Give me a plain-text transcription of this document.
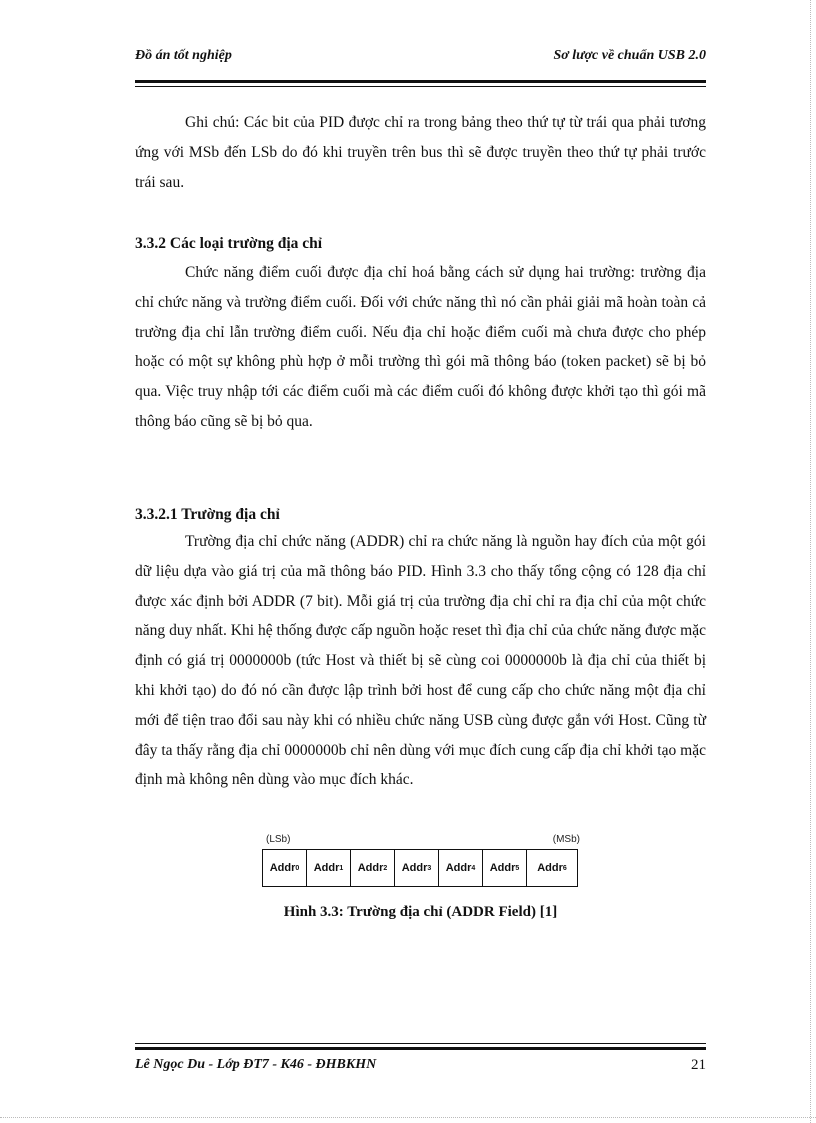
Đồ án tốt nghiệp	Sơ lược về chuẩn USB 2.0

Ghi chú: Các bit của PID được chỉ ra trong bảng theo thứ tự từ trái qua phải tương ứng với MSb đến LSb do đó khi truyền trên bus thì sẽ được truyền theo thứ tự phải trước trái sau.

3.3.2 Các loại trường địa chỉ

Chức năng điểm cuối được địa chỉ hoá bằng cách sử dụng hai trường: trường địa chỉ chức năng và trường điểm cuối. Đối với chức năng thì nó cần phải giải mã hoàn toàn cả trường địa chỉ lẫn trường điểm cuối. Nếu địa chỉ hoặc điểm cuối mà chưa được cho phép hoặc có một sự không phù hợp ở mỗi trường thì gói mã thông báo (token packet) sẽ bị bỏ qua. Việc truy nhập tới các điểm cuối mà các điểm cuối đó không được khởi tạo thì gói mã thông báo cũng sẽ bị bỏ qua.

3.3.2.1 Trường địa chỉ

Trường địa chỉ chức năng (ADDR) chỉ ra chức năng là nguồn hay đích của một gói dữ liệu dựa vào giá trị của mã thông báo PID. Hình 3.3 cho thấy tổng cộng có 128 địa chỉ được xác định bởi ADDR (7 bit). Mỗi giá trị của trường địa chỉ chỉ ra địa chỉ của một chức năng duy nhất. Khi hệ thống được cấp nguồn hoặc reset thì địa chỉ của chức năng được mặc định có giá trị 0000000b (tức Host và thiết bị sẽ cùng coi 0000000b là địa chỉ của thiết bị khi khởi tạo) do đó nó cần được lập trình bởi host để cung cấp cho chức năng một địa chỉ mới để tiện trao đổi sau này khi có nhiều chức năng USB cùng được gắn với Host. Cũng từ đây ta thấy rằng địa chỉ 0000000b chỉ nên dùng với mục đích cung cấp địa chỉ khởi tạo mặc định mà không nên dùng vào mục đích khác.

(LSb)	(MSb)
Addr 0 Addr 1 Addr 2 Addr 3 Addr 4 Addr 5 Addr 6
Hình 3.3: Trường địa chỉ (ADDR Field) [1]
Lê Ngọc Du - Lớp ĐT7 - K46 - ĐHBKHN	21
